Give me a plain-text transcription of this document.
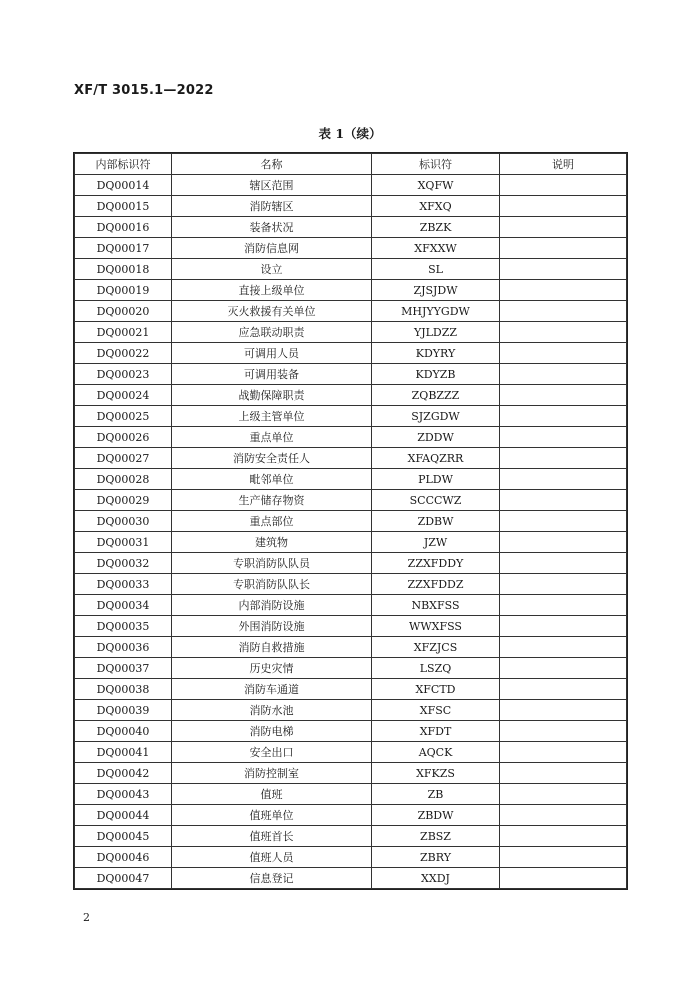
XF/T 3015.1—2022
表 1（续）
内部标识符	名称	标识符	说明
DQ00014	辖区范围	XQFW	
DQ00015	消防辖区	XFXQ	
DQ00016	装备状况	ZBZK	
DQ00017	消防信息网	XFXXW	
DQ00018	设立	SL	
DQ00019	直接上级单位	ZJSJDW	
DQ00020	灭火救援有关单位	MHJYYGDW	
DQ00021	应急联动职责	YJLDZZ	
DQ00022	可调用人员	KDYRY	
DQ00023	可调用装备	KDYZB	
DQ00024	战勤保障职责	ZQBZZZ	
DQ00025	上级主管单位	SJZGDW	
DQ00026	重点单位	ZDDW	
DQ00027	消防安全责任人	XFAQZRR	
DQ00028	毗邻单位	PLDW	
DQ00029	生产储存物资	SCCCWZ	
DQ00030	重点部位	ZDBW	
DQ00031	建筑物	JZW	
DQ00032	专职消防队队员	ZZXFDDY	
DQ00033	专职消防队队长	ZZXFDDZ	
DQ00034	内部消防设施	NBXFSS	
DQ00035	外围消防设施	WWXFSS	
DQ00036	消防自救措施	XFZJCS	
DQ00037	历史灾情	LSZQ	
DQ00038	消防车通道	XFCTD	
DQ00039	消防水池	XFSC	
DQ00040	消防电梯	XFDT	
DQ00041	安全出口	AQCK	
DQ00042	消防控制室	XFKZS	
DQ00043	值班	ZB	
DQ00044	值班单位	ZBDW	
DQ00045	值班首长	ZBSZ	
DQ00046	值班人员	ZBRY	
DQ00047	信息登记	XXDJ	
2
